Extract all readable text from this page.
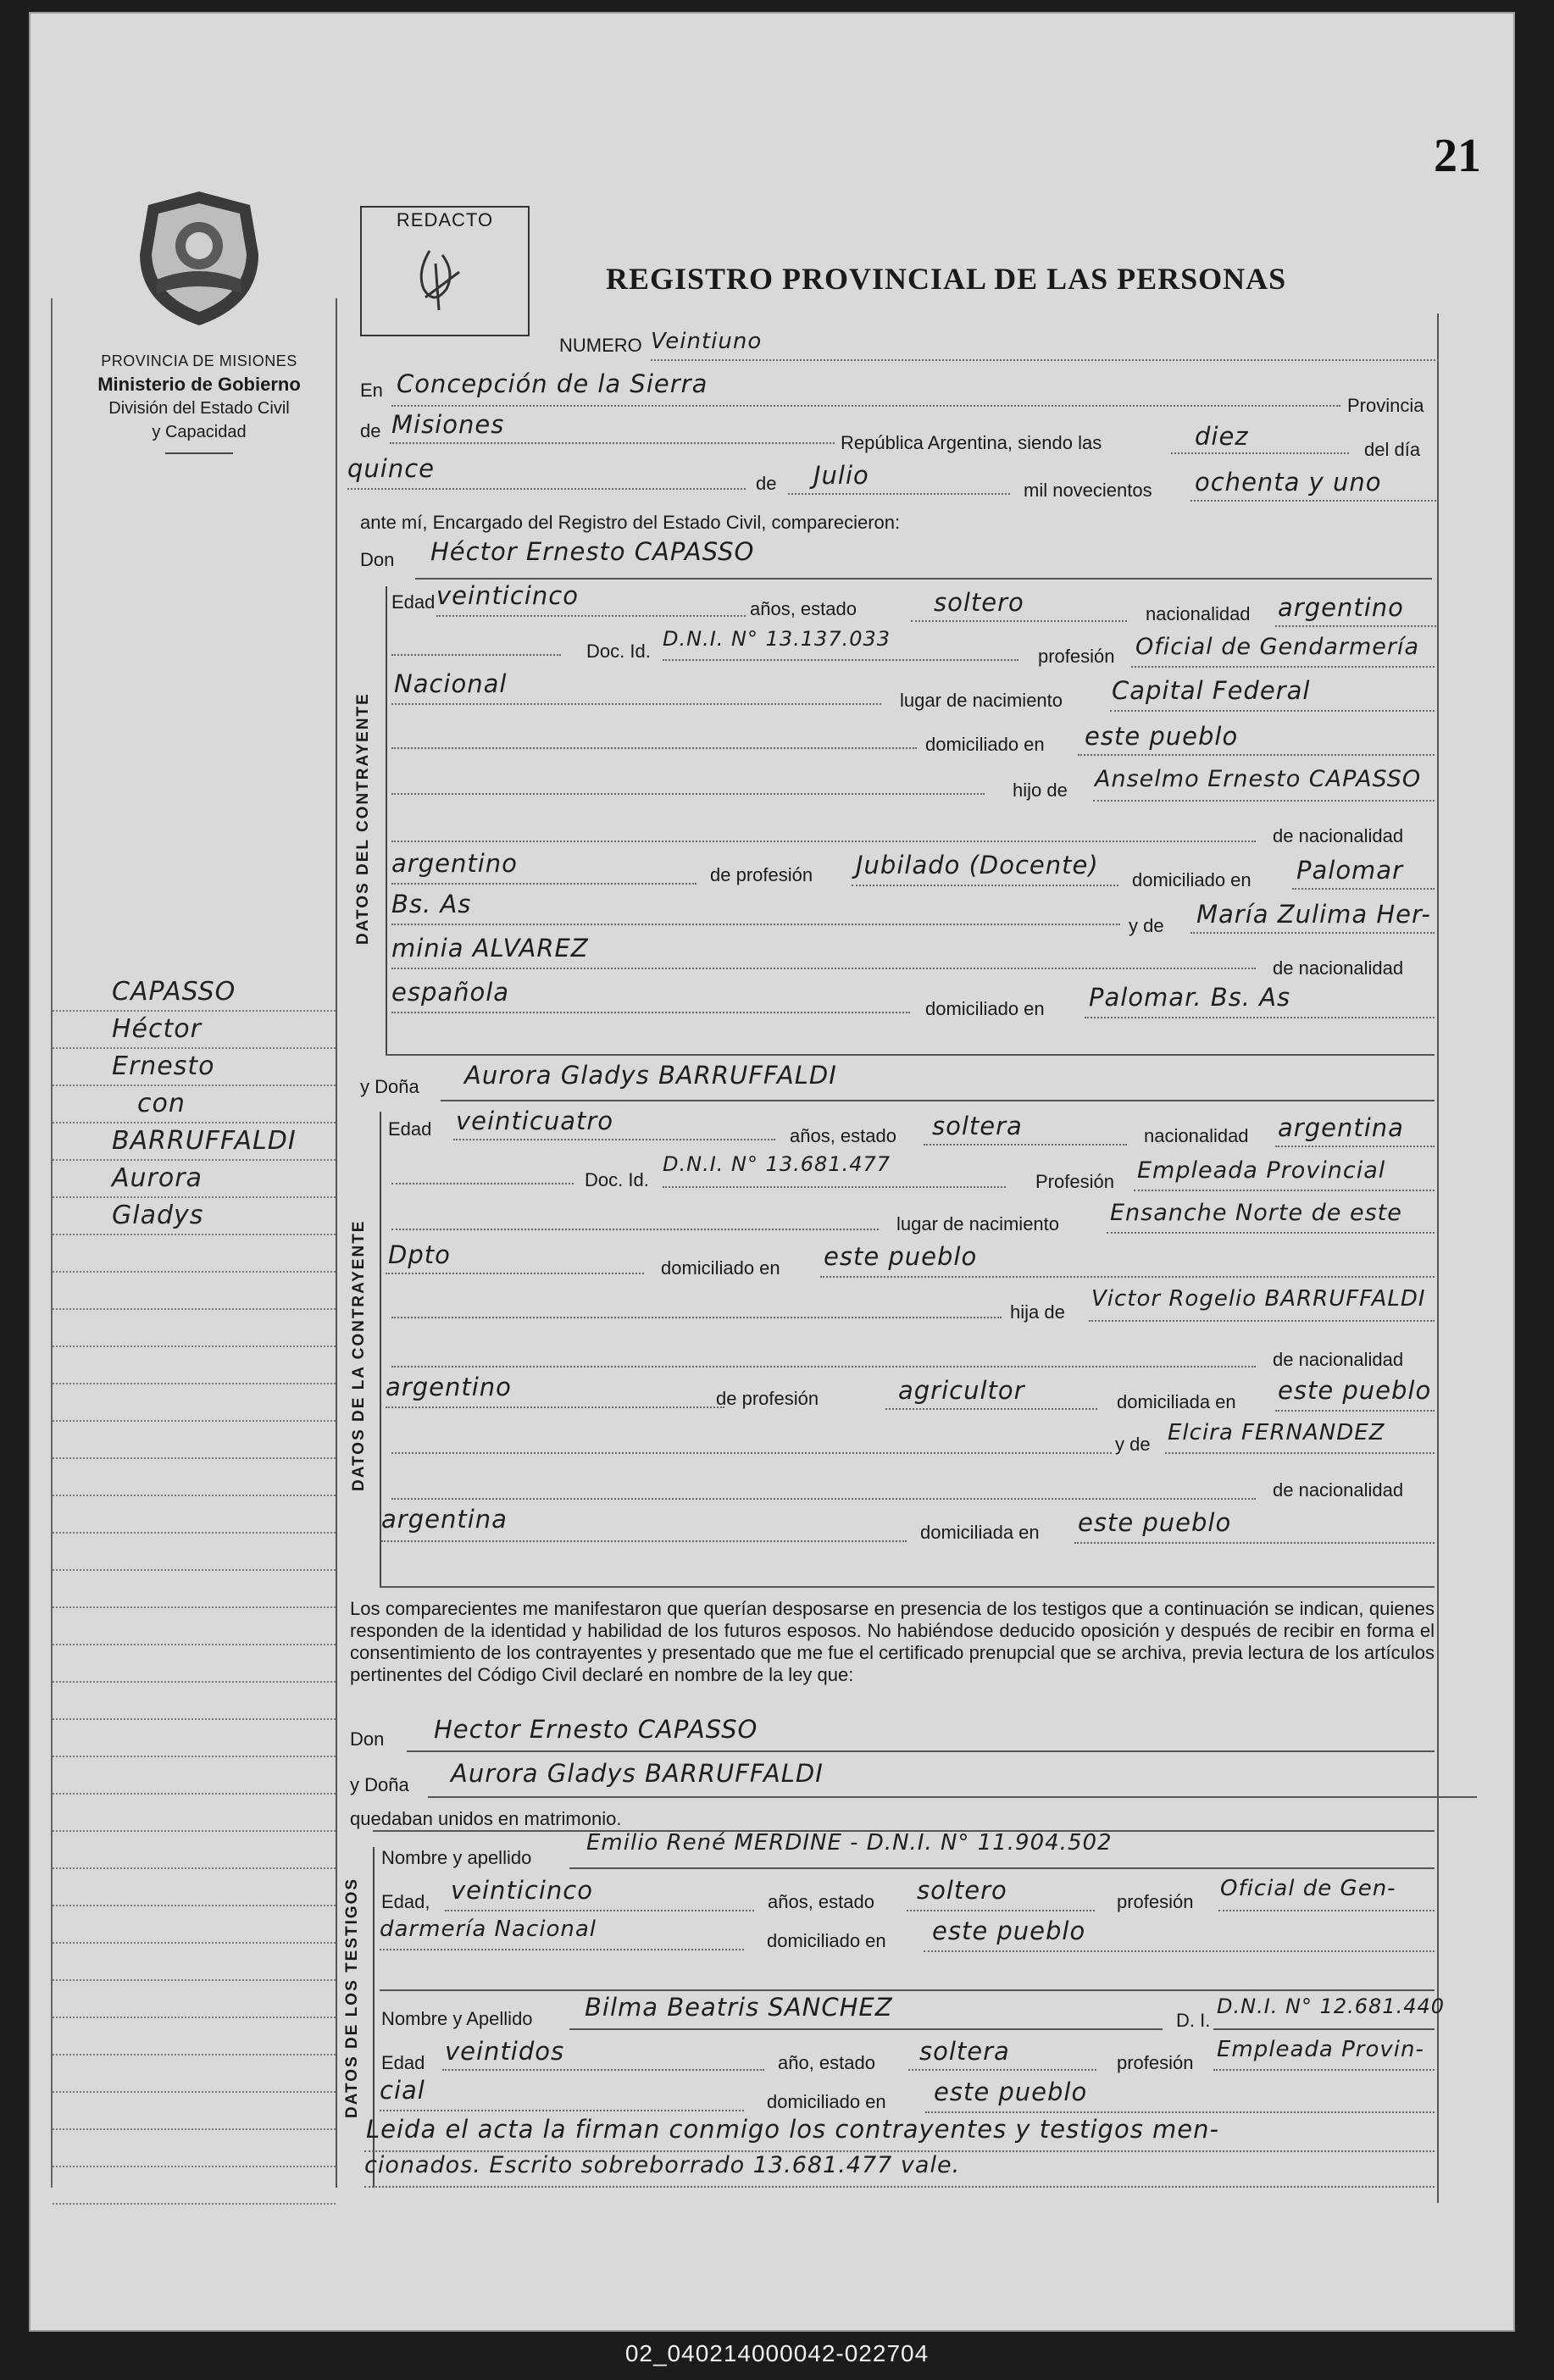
21
PROVINCIA DE MISIONES
Ministerio de Gobierno
División del Estado Civil
y Capacidad
CAPASSO
Héctor
Ernesto
con
BARRUFFALDI
Aurora
Gladys
REDACTO
REGISTRO PROVINCIAL DE LAS PERSONAS
NUMERO Veintiuno
En Concepción de la Sierra
Provincia
de Misiones
República Argentina, siendo las	diez	del día
quince
de Julio
mil novecientos ochenta y uno
ante mí, Encargado del Registro del Estado Civil, comparecieron:
Don Héctor Ernesto CAPASSO
DATOS DEL CONTRAYENTE
Edad veinticinco	años, estado	soltero	nacionalidad argentino
Doc. Id.
D.N.I. N° 13.137.033
profesión Oficial de Gendarmería
Nacional
lugar de nacimiento Capital Federal
domiciliado en este pueblo
hijo de Anselmo Ernesto CAPASSO
de nacionalidad
argentino	de profesión Jubilado (Docente)
domiciliado en Palomar
Bs. As
y de María Zulima Her-
minia ALVAREZ
de nacionalidad
española
domiciliado en Palomar. Bs. As
y Doña Aurora Gladys BARRUFFALDI
DATOS DE LA CONTRAYENTE
Edad veinticuatro
años, estado soltera	nacionalidad argentina
Doc. Id.
D.N.I. N° 13.681.477
Profesión Empleada Provincial
lugar de nacimiento Ensanche Norte de este
Dpto	domiciliado en este pueblo
hija de
Victor Rogelio BARRUFFALDI
de nacionalidad
argentino	de profesión	agricultor	domiciliada en este pueblo
y de Elcira FERNANDEZ
de nacionalidad
argentina	domiciliada en este pueblo
Los comparecientes me manifestaron que querían desposarse en presencia de los testigos que a continuación se indican, quienes responden de la identidad y habilidad de los futuros esposos. No habiéndose deducido oposición y después de recibir en forma el consentimiento de los contrayentes y presentado que me fue el certificado prenupcial que se archiva, previa lectura de los artículos pertinentes del Código Civil declaré en nombre de la ley que:
Don Hector Ernesto CAPASSO
y Doña Aurora Gladys BARRUFFALDI
quedaban unidos en matrimonio.
DATOS DE LOS TESTIGOS
Nombre y apellido
Emilio René MERDINE - D.N.I. N° 11.904.502
Edad, veinticinco	años, estado soltero	profesión
Oficial de Gen-
darmería Nacional	domiciliado en este pueblo
Nombre y Apellido Bilma Beatris SANCHEZ	D. I.
D.N.I. N° 12.681.440
Edad veintidos	año, estado soltera	profesión
Empleada Provin-
cial	domiciliado en este pueblo
Leida el acta la firman conmigo los contrayentes y testigos men-
cionados. Escrito sobreborrado 13.681.477 vale.
02_040214000042-022704
